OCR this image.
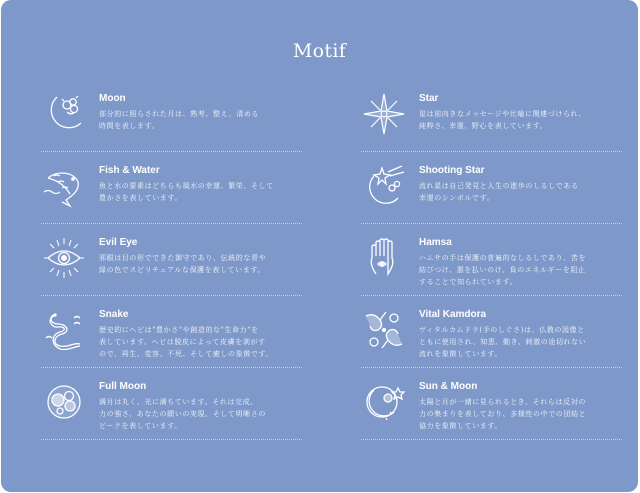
Motif
Moon
部分的に照らされた月は、熟考、整え、清める
時間を表します。
Fish & Water
魚と水の要素はどちらも風水の幸運、繁栄、そして
豊かさを表しています。
Evil Eye
邪眼は目の形でできた御守であり、伝統的な青や
緑の色でスピリチュアルな保護を表しています。
Snake
歴史的にヘビは"豊かさ"や創造的な"生命力"を
表しています。ヘビは脱皮によって皮膚を剥がす
ので、再生、変容、不死、そして癒しの象徴です。
Full Moon
満月は丸く、光に満ちています。それは完成、
力の強さ、あなたの願いの実現、そして明晰さの
ピークを表しています。
Star
星は前向きなメッセージや比喩に関連づけられ、
純粋さ、幸運、野心を表しています。
Shooting Star
流れ星は自己発見と人生の進歩のしるしである
幸運のシンボルです。
Hamsa
ハムサの手は保護の普遍的なしるしであり、苦を
結びつけ、悪を払いのけ、負のエネルギーを阻止
することで知られています。
Vital Kamdora
ヴィタルカムドラ(手のしぐさ)は、仏教の図像と
ともに使用され、知恵、動き、刺激の途切れない
流れを象徴しています。
Sun & Moon
太陽と月が一緒に見られるとき、それらは反対の
力の集まりを表しており、多様性の中での団結と
協力を象徴しています。
